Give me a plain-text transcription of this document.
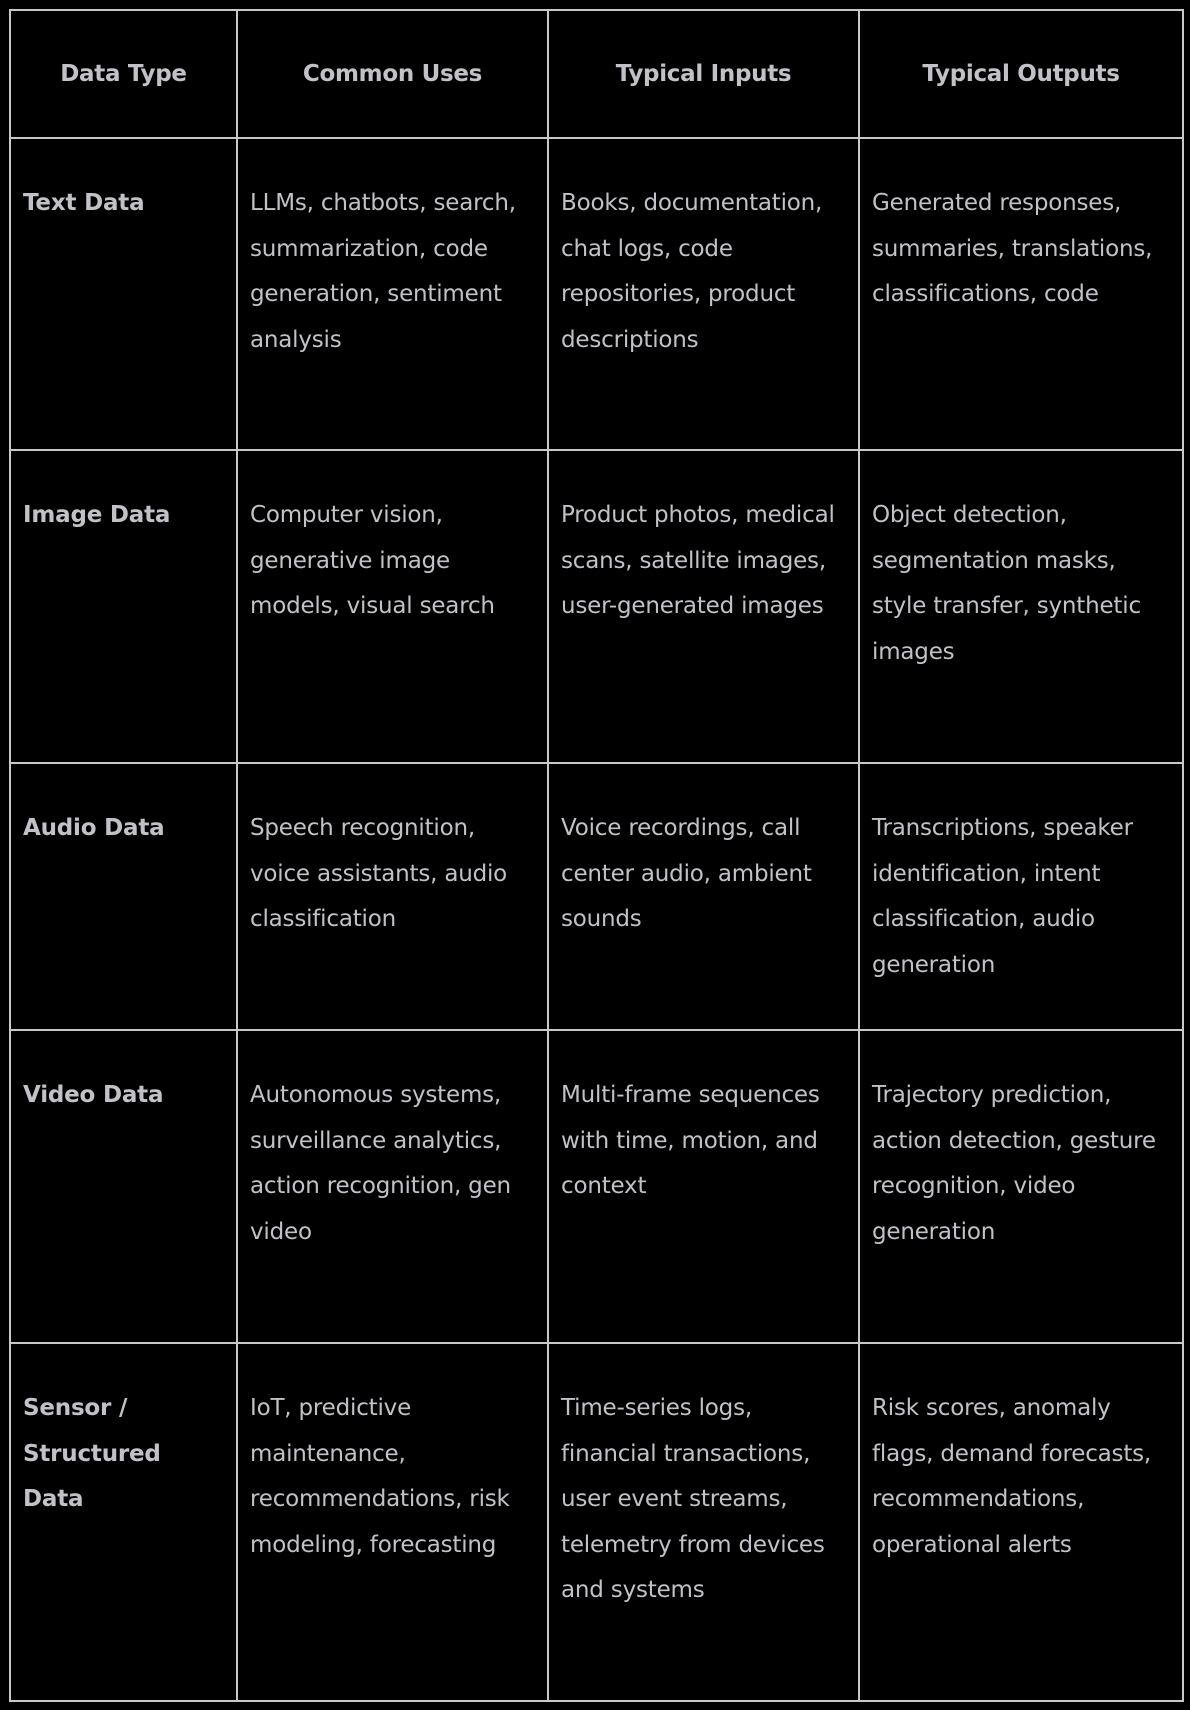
Data Type	Common Uses	Typical Inputs	Typical Outputs

Text Data	LLMs, chatbots, search, summarization, code generation, sentiment analysis	Books, documentation, chat logs, code repositories, product descriptions	Generated responses, summaries, translations, classifications, code

Image Data	Computer vision, generative image models, visual search	Product photos, medical scans, satellite images, user-generated images	Object detection, segmentation masks, style transfer, synthetic images

Audio Data	Speech recognition, voice assistants, audio classification	Voice recordings, call center audio, ambient sounds	Transcriptions, speaker identification, intent classification, audio generation

Video Data	Autonomous systems, surveillance analytics, action recognition, gen video	Multi-frame sequences with time, motion, and context	Trajectory prediction, action detection, gesture recognition, video generation

Sensor / Structured Data	IoT, predictive maintenance, recommendations, risk modeling, forecasting	Time-series logs, financial transactions, user event streams, telemetry from devices and systems	Risk scores, anomaly flags, demand forecasts, recommendations, operational alerts
